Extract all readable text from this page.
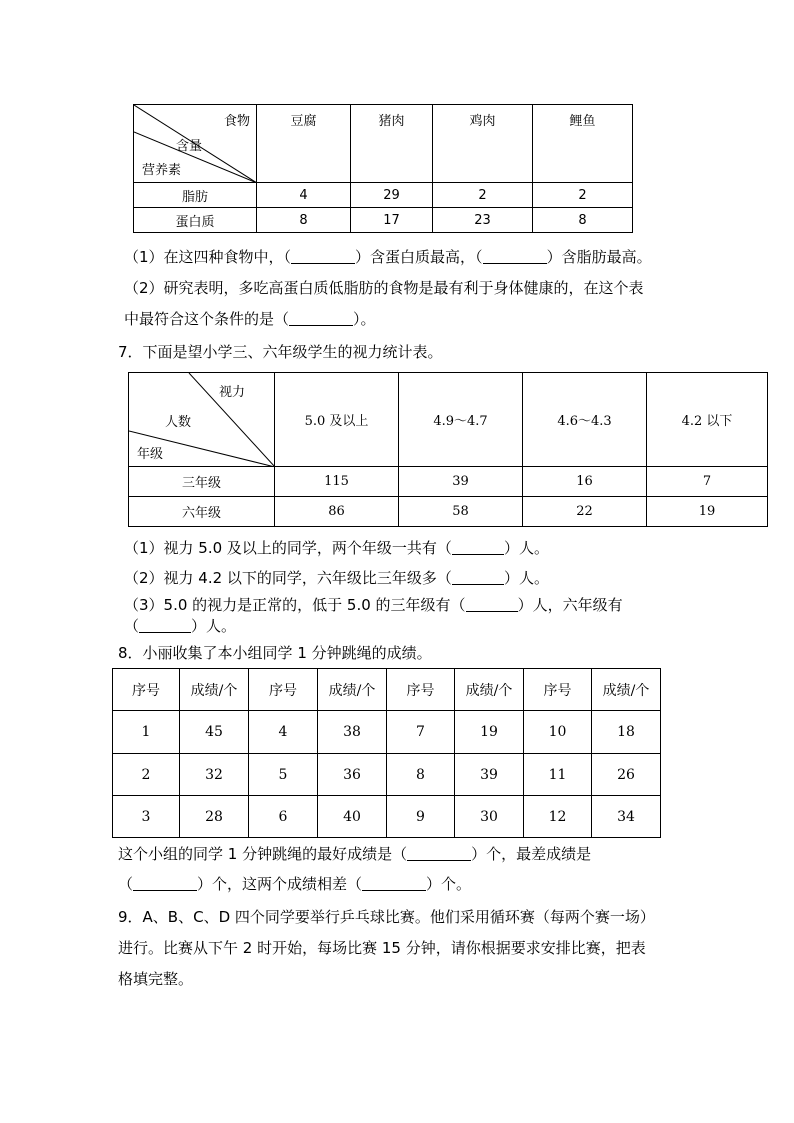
食物
含量
营养素	豆腐	猪肉	鸡肉	鲤鱼
脂肪	4	29	2	2
蛋白质	8	17	23	8
（1）在这四种食物中，（	）含蛋白质最高，（	）含脂肪最高。
（2）研究表明，多吃高蛋白质低脂肪的食物是最有利于身体健康的，在这个表
中最符合这个条件的是（	）。
7．下面是望小学三、六年级学生的视力统计表。
视力
人数
年级	5.0 及以上	4.9～4.7	4.6～4.3	4.2 以下
三年级	115	39	16	7
六年级	86	58	22	19
（1）视力 5.0 及以上的同学，两个年级一共有（	）人。
（2）视力 4.2 以下的同学，六年级比三年级多（	）人。
（3）5.0 的视力是正常的，低于 5.0 的三年级有（	）人，六年级有
（	）人。
8．小丽收集了本小组同学 1 分钟跳绳的成绩。
序号	成绩/个	序号	成绩/个	序号	成绩/个	序号	成绩/个
1	45	4	38	7	19	10	18
2	32	5	36	8	39	11	26
3	28	6	40	9	30	12	34
这个小组的同学 1 分钟跳绳的最好成绩是（	）个，最差成绩是
（	）个，这两个成绩相差（	）个。
9．A、B、C、D 四个同学要举行乒乓球比赛。他们采用循环赛（每两个赛一场）
进行。比赛从下午 2 时开始，每场比赛 15 分钟，请你根据要求安排比赛，把表
格填完整。
